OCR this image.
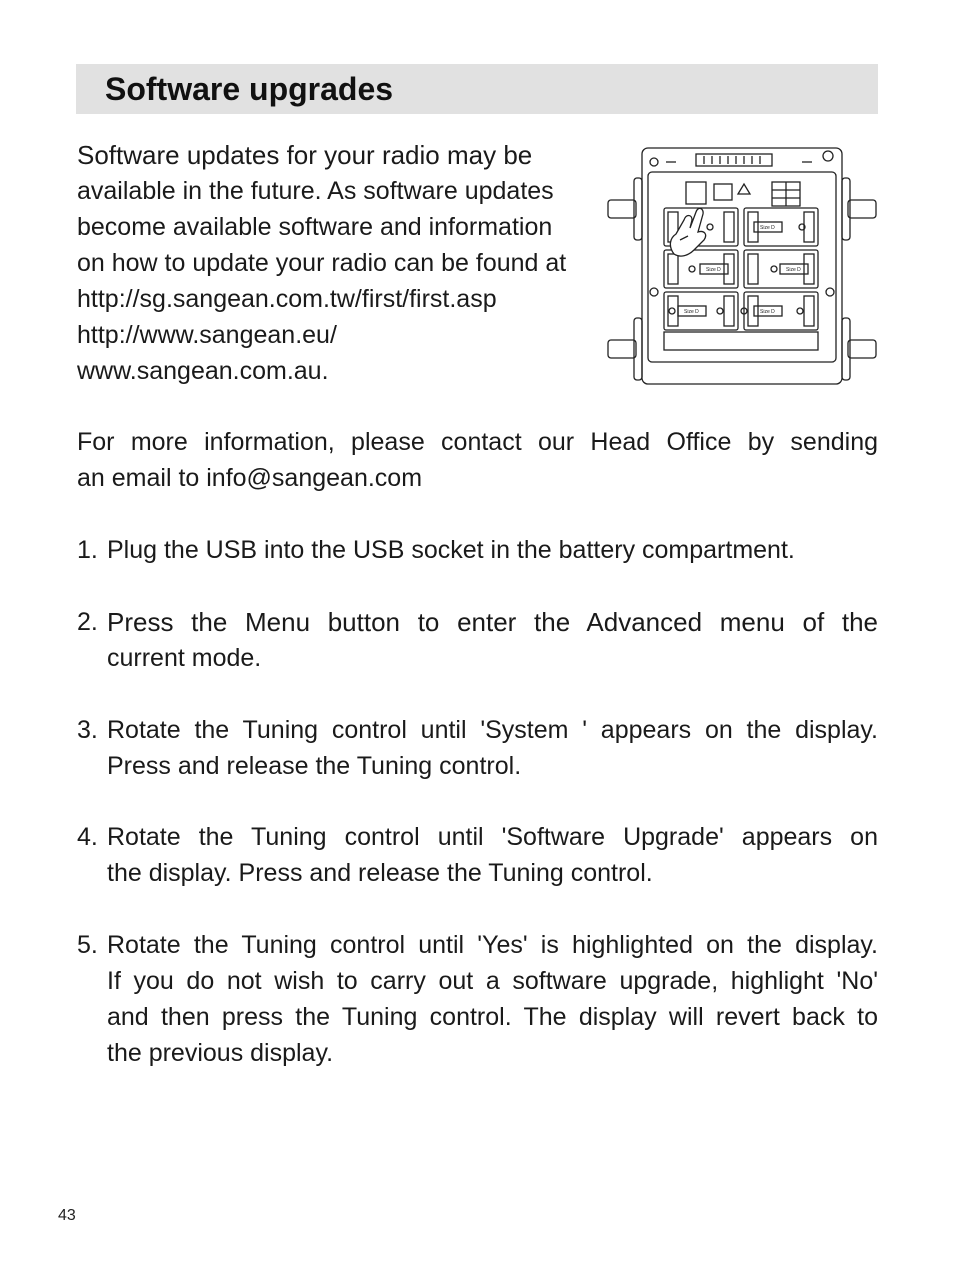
Software upgrades
Software updates for your radio may be
available in the future. As software updates
become available software and information
on how to update your radio can be found at
http://sg.sangean.com.tw/first/first.asp
http://www.sangean.eu/
www.sangean.com.au.
Size D
Size D	Size D
Size D	Size D
For more information, please contact our Head Office by sending
an email to info@sangean.com
1. Plug the USB into the USB socket in the battery compartment.
2. Press the Menu button to enter the Advanced menu of the
current mode.
3. Rotate the Tuning control until 'System ' appears on the display.
Press and release the Tuning control.
4. Rotate the Tuning control until 'Software Upgrade' appears on
the display. Press and release the Tuning control.
5. Rotate the Tuning control until 'Yes' is highlighted on the display.
If you do not wish to carry out a software upgrade, highlight 'No'
and then press the Tuning control. The display will revert back to
the previous display.
43
